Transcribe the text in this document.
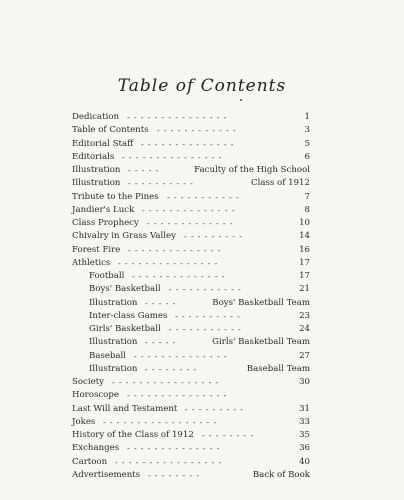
Table of Contents
Dedication	1
---------------
Table of Contents	3
------------
Editorial Staff	5
--------------
Editorials	6
---------------
Illustration	Faculty of the High School
-----
Illustration	Class of 1912
----------
Tribute to the Pines	7
-----------
Jandier's Luck	8
--------------
Class Prophecy	10
-------------
Chivalry in Grass Valley	14
---------
Forest Fire	16
--------------
Athletics	17
---------------
Football	17
--------------
Boys' Basketball	21
-----------
Illustration	Boys' Basketball Team
-----
Inter-class Games	23
----------
Girls' Basketball	24
-----------
Illustration	Girls' Basketball Team
-----
Baseball	27
--------------
Illustration	Baseball Team
--------
Society	30
----------------
Horoscope ---------------
Last Will and Testament	31
---------
Jokes	33
-----------------
History of the Class of 1912	35
--------
Exchanges	36
--------------
Cartoon	40
----------------
Advertisements	Back of Book
--------
